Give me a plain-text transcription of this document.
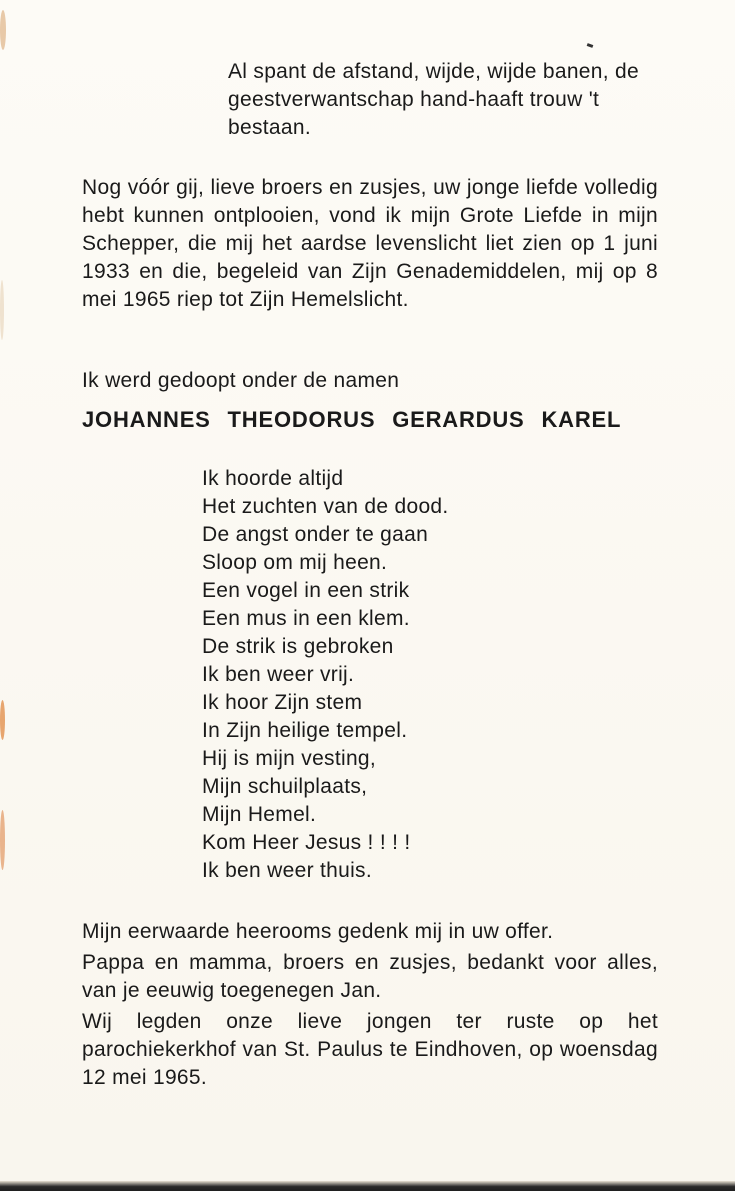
Al spant de afstand, wijde, wijde banen, de geestverwantschap hand-haaft trouw 't bestaan.
Nog vóór gij, lieve broers en zusjes, uw jonge liefde volledig hebt kunnen ontplooien, vond ik mijn Grote Liefde in mijn Schepper, die mij het aardse levenslicht liet zien op 1 juni 1933 en die, begeleid van Zijn Genademiddelen, mij op 8 mei 1965 riep tot Zijn Hemelslicht.
Ik werd gedoopt onder de namen
JOHANNES THEODORUS GERARDUS KAREL
Ik hoorde altijd
Het zuchten van de dood.
De angst onder te gaan
Sloop om mij heen.
Een vogel in een strik
Een mus in een klem.
De strik is gebroken
Ik ben weer vrij.
Ik hoor Zijn stem
In Zijn heilige tempel.
Hij is mijn vesting,
Mijn schuilplaats,
Mijn Hemel.
Kom Heer Jesus ! ! ! !
Ik ben weer thuis.

Mijn eerwaarde heerooms gedenk mij in uw offer.

Pappa en mamma, broers en zusjes, bedankt voor alles, van je eeuwig toegenegen Jan.

Wij legden onze lieve jongen ter ruste op het parochiekerkhof van St. Paulus te Eindhoven, op woensdag 12 mei 1965.
